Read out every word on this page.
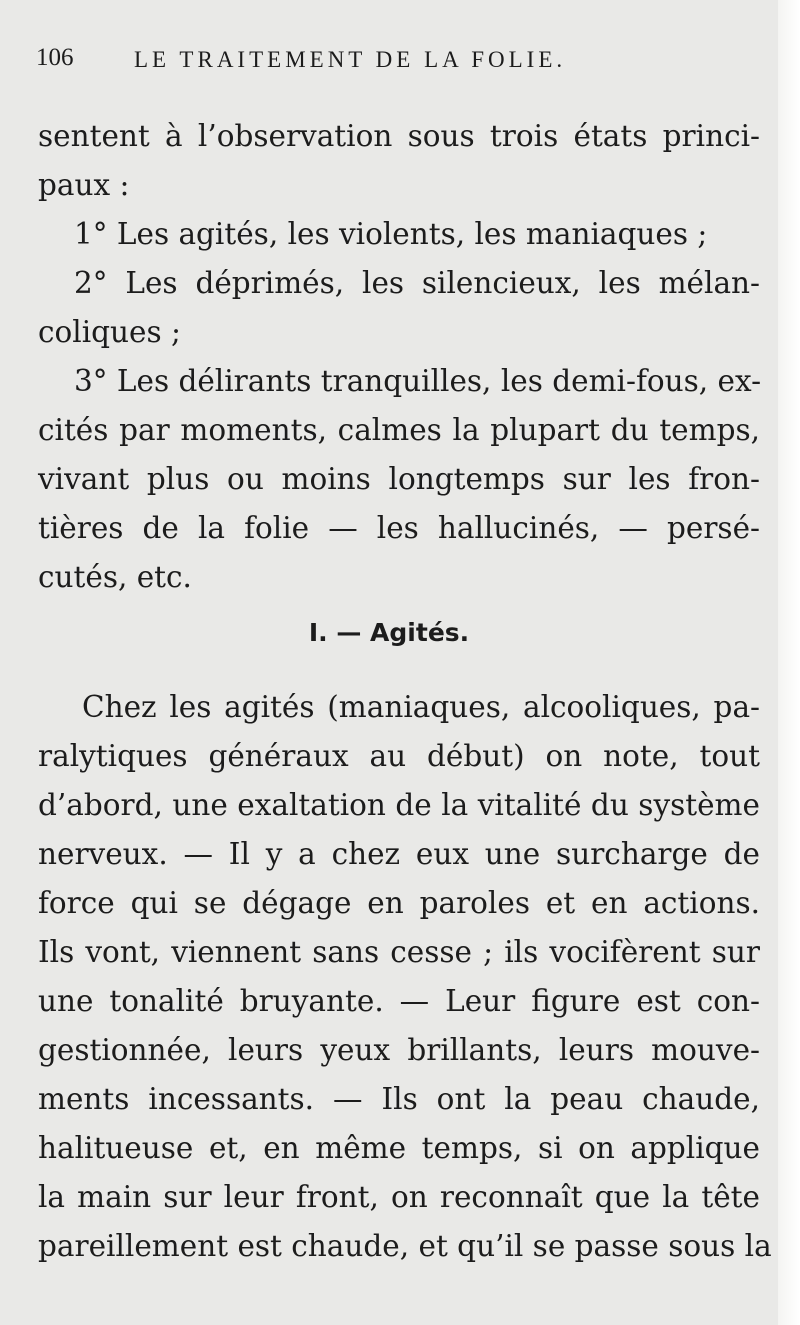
106	LE TRAITEMENT DE LA FOLIE.
sentent à l’observation sous trois états princi-
paux :
1° Les agités, les violents, les maniaques ;
2° Les déprimés, les silencieux, les mélan-
coliques ;
3° Les délirants tranquilles, les demi-fous, ex-
cités par moments, calmes la plupart du temps,
vivant plus ou moins longtemps sur les fron-
tières de la folie — les hallucinés, — persé-
cutés, etc.
I. — Agités.
Chez les agités (maniaques, alcooliques, pa-
ralytiques généraux au début) on note, tout
d’abord, une exaltation de la vitalité du système
nerveux. — Il y a chez eux une surcharge de
force qui se dégage en paroles et en actions.
Ils vont, viennent sans cesse ; ils vocifèrent sur
une tonalité bruyante. — Leur figure est con-
gestionnée, leurs yeux brillants, leurs mouve-
ments incessants. — Ils ont la peau chaude,
halitueuse et, en même temps, si on applique
la main sur leur front, on reconnaît que la tête
pareillement est chaude, et qu’il se passe sous la
